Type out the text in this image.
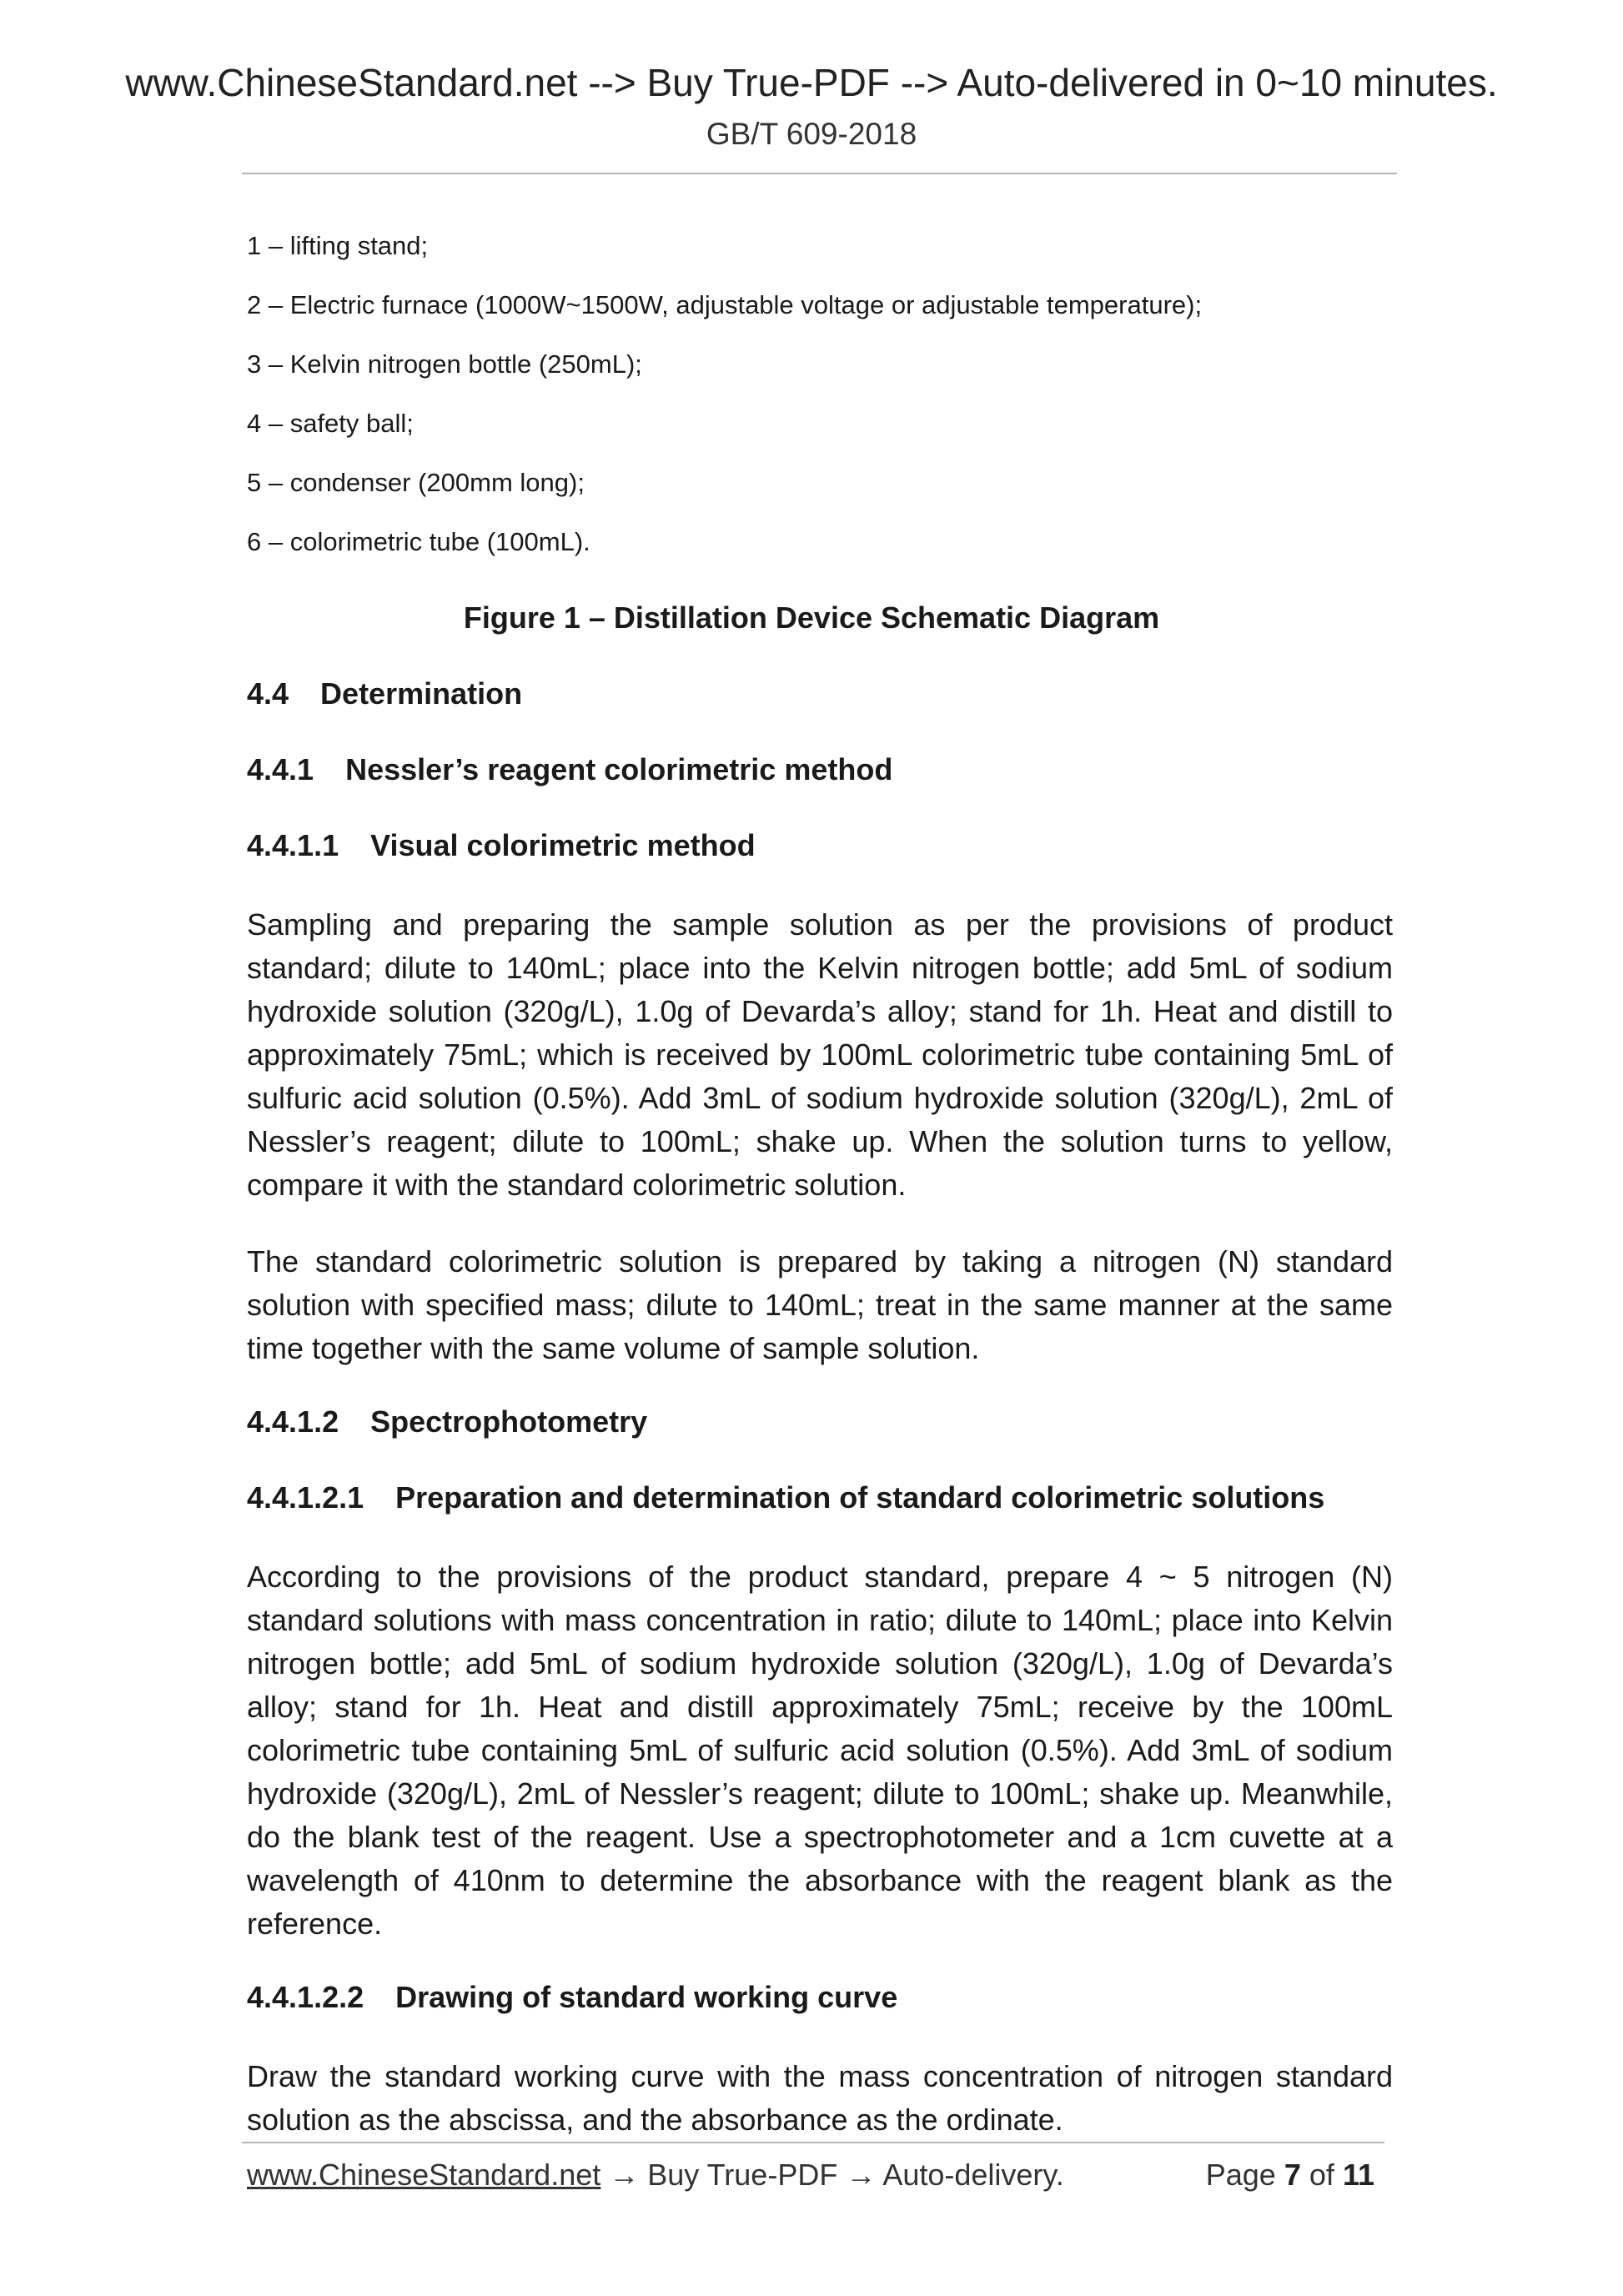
www.ChineseStandard.net --> Buy True-PDF --> Auto-delivered in 0~10 minutes.
GB/T 609-2018
1 – lifting stand;
2 – Electric furnace (1000W~1500W, adjustable voltage or adjustable temperature);
3 – Kelvin nitrogen bottle (250mL);
4 – safety ball;
5 – condenser (200mm long);
6 – colorimetric tube (100mL).
Figure 1 – Distillation Device Schematic Diagram
4.4 Determination
4.4.1 Nessler’s reagent colorimetric method
4.4.1.1 Visual colorimetric method

Sampling and preparing the sample solution as per the provisions of product standard; dilute to 140mL; place into the Kelvin nitrogen bottle; add 5mL of sodium hydroxide solution (320g/L), 1.0g of Devarda’s alloy; stand for 1h. Heat and distill to approximately 75mL; which is received by 100mL colorimetric tube containing 5mL of sulfuric acid solution (0.5%). Add 3mL of sodium hydroxide solution (320g/L), 2mL of Nessler’s reagent; dilute to 100mL; shake up. When the solution turns to yellow, compare it with the standard colorimetric solution.

The standard colorimetric solution is prepared by taking a nitrogen (N) standard solution with specified mass; dilute to 140mL; treat in the same manner at the same time together with the same volume of sample solution.

4.4.1.2 Spectrophotometry
4.4.1.2.1 Preparation and determination of standard colorimetric solutions

According to the provisions of the product standard, prepare 4 ~ 5 nitrogen (N) standard solutions with mass concentration in ratio; dilute to 140mL; place into Kelvin nitrogen bottle; add 5mL of sodium hydroxide solution (320g/L), 1.0g of Devarda’s alloy; stand for 1h. Heat and distill approximately 75mL; receive by the 100mL colorimetric tube containing 5mL of sulfuric acid solution (0.5%). Add 3mL of sodium hydroxide (320g/L), 2mL of Nessler’s reagent; dilute to 100mL; shake up. Meanwhile, do the blank test of the reagent. Use a spectrophotometer and a 1cm cuvette at a wavelength of 410nm to determine the absorbance with the reagent blank as the reference.

4.4.1.2.2 Drawing of standard working curve

Draw the standard working curve with the mass concentration of nitrogen standard solution as the abscissa, and the absorbance as the ordinate.

www.ChineseStandard.net → Buy True-PDF → Auto-delivery.	Page 7 of 11
